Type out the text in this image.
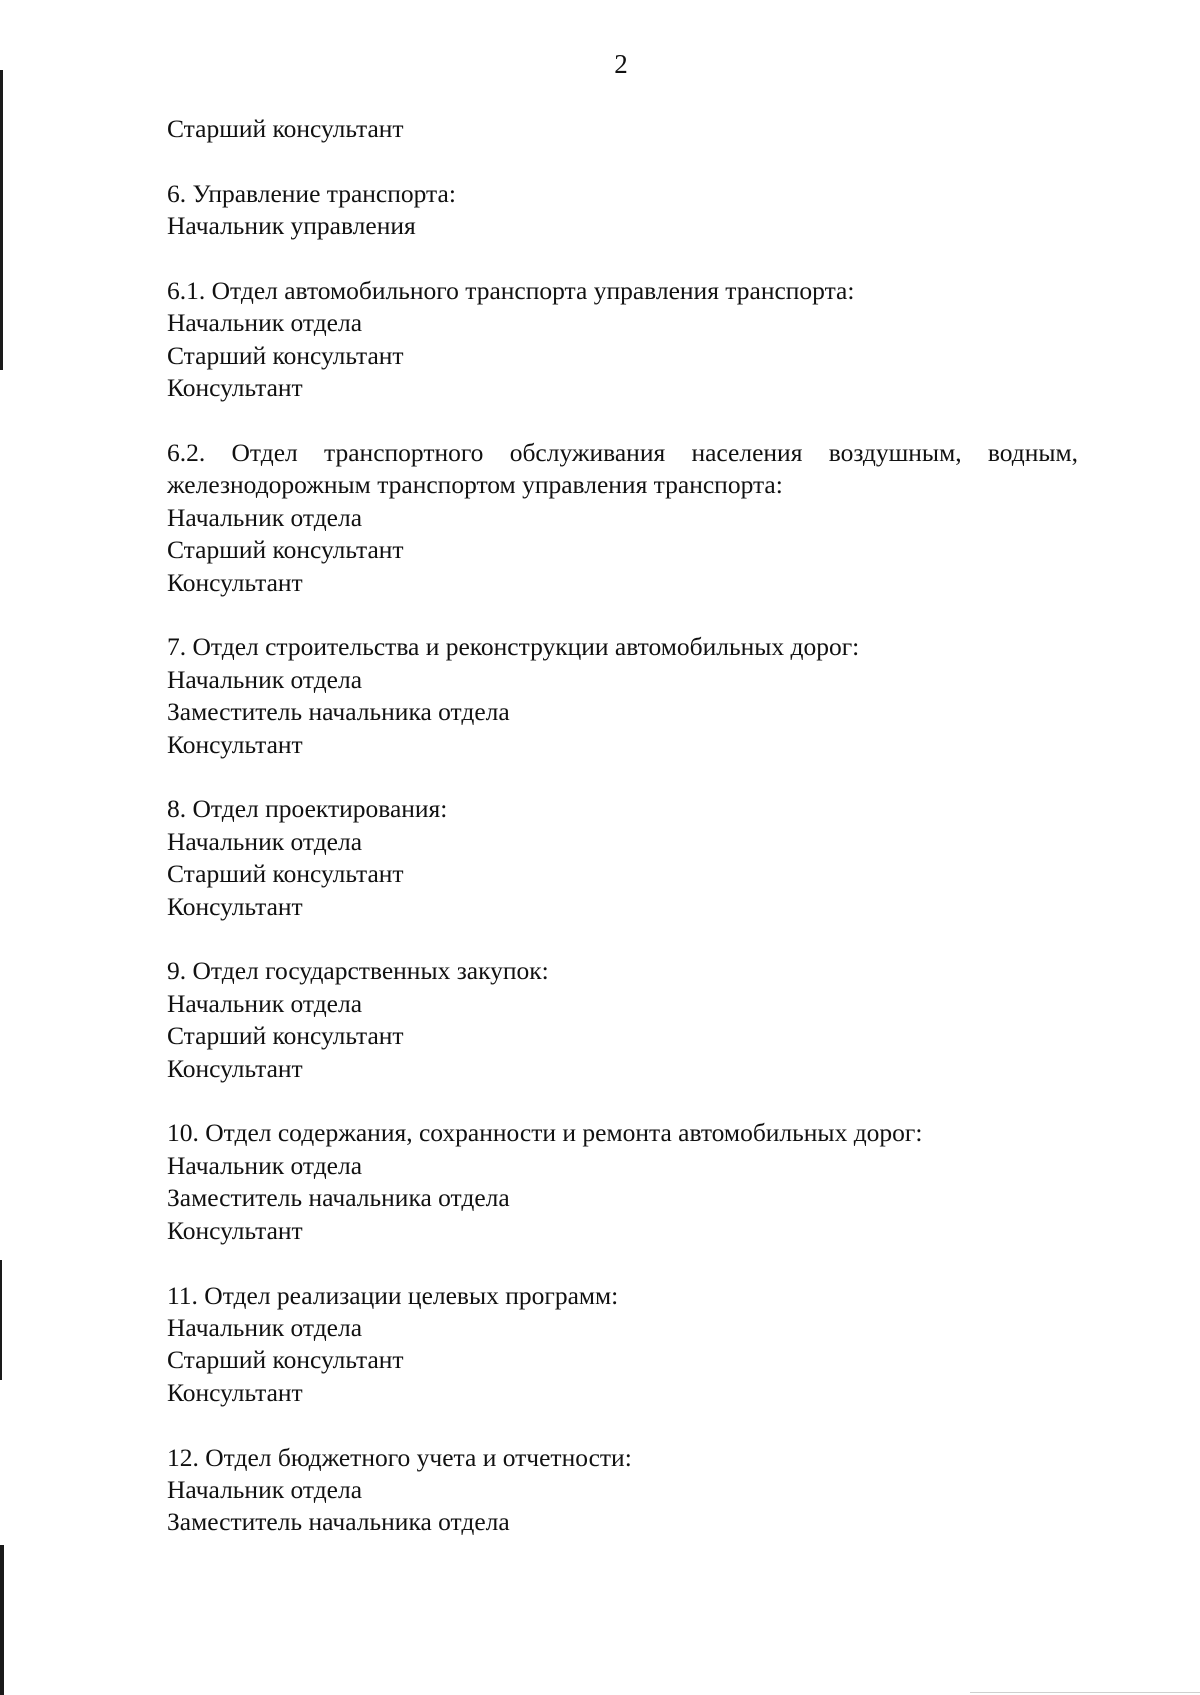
2

Старший консультант

6. Управление транспорта:

Начальник управления

6.1. Отдел автомобильного транспорта управления транспорта:

Начальник отдела

Старший консультант

Консультант

6.2. Отдел транспортного обслуживания населения воздушным, водным,

железнодорожным транспортом управления транспорта:

Начальник отдела

Старший консультант

Консультант

7. Отдел строительства и реконструкции автомобильных дорог:

Начальник отдела

Заместитель начальника отдела

Консультант

8. Отдел проектирования:

Начальник отдела

Старший консультант

Консультант

9. Отдел государственных закупок:

Начальник отдела

Старший консультант

Консультант

10. Отдел содержания, сохранности и ремонта автомобильных дорог:

Начальник отдела

Заместитель начальника отдела

Консультант

11. Отдел реализации целевых программ:

Начальник отдела

Старший консультант

Консультант

12. Отдел бюджетного учета и отчетности:

Начальник отдела

Заместитель начальника отдела
